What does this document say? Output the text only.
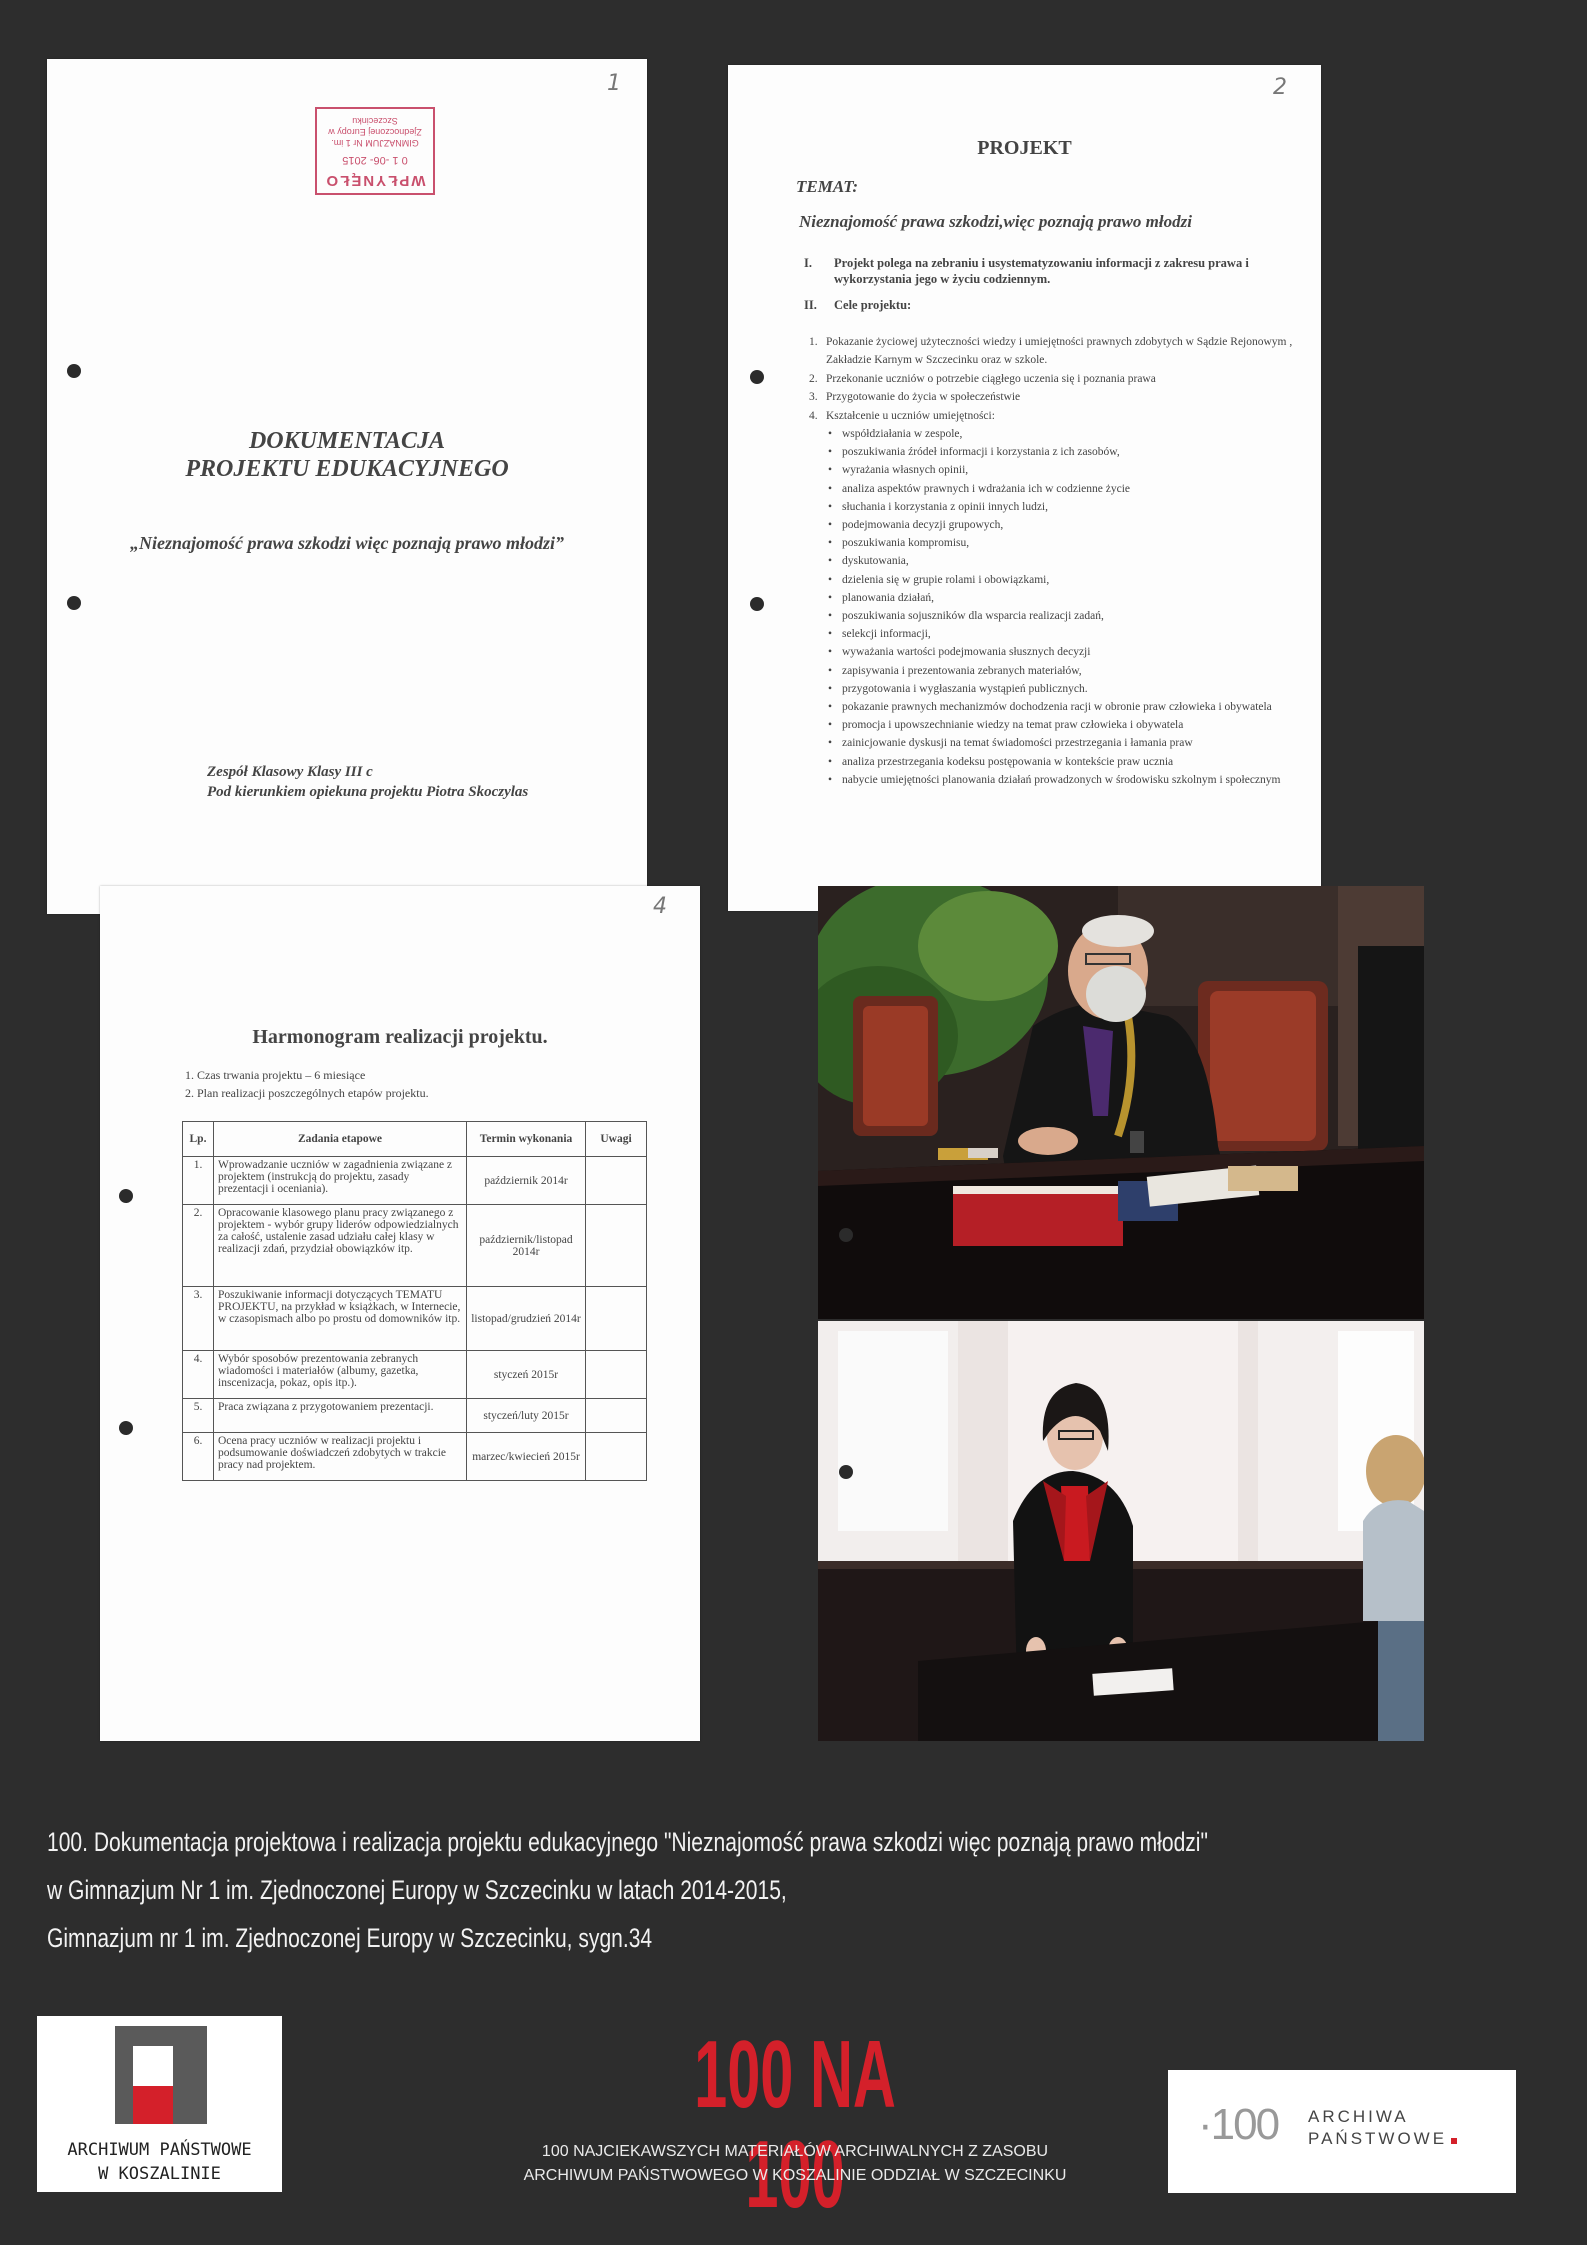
1
WPŁYNĘŁO
0 1 -06- 2015
GIMNAZJUM Nr 1 im. Zjednoczonej Europy w Szczecinku
DOKUMENTACJA
PROJEKTU EDUKACYJNEGO
„Nieznajomość prawa szkodzi więc poznają prawo młodzi”
Zespół Klasowy Klasy III c
Pod kierunkiem opiekuna projektu Piotra Skoczylas
2
PROJEKT
TEMAT:
Nieznajomość prawa szkodzi,więc poznają prawo młodzi
I. Projekt polega na zebraniu i usystematyzowaniu informacji z zakresu prawa i wykorzystania jego w życiu codziennym.
II. Cele projektu:
1. Pokazanie życiowej użyteczności wiedzy i umiejętności prawnych zdobytych w Sądzie Rejonowym , Zakładzie Karnym w Szczecinku oraz w szkole.
2. Przekonanie uczniów o potrzebie ciągłego uczenia się i poznania prawa
3. Przygotowanie do życia w społeczeństwie
4. Kształcenie u uczniów umiejętności:
• współdziałania w zespole,
• poszukiwania źródeł informacji i korzystania z ich zasobów,
• wyrażania własnych opinii,
• analiza aspektów prawnych i wdrażania ich w codzienne życie
• słuchania i korzystania z opinii innych ludzi,
• podejmowania decyzji grupowych,
• poszukiwania kompromisu,
• dyskutowania,
• dzielenia się w grupie rolami i obowiązkami,
• planowania działań,
• poszukiwania sojuszników dla wsparcia realizacji zadań,
• selekcji informacji,
• wyważania wartości podejmowania słusznych decyzji
• zapisywania i prezentowania zebranych materiałów,
• przygotowania i wygłaszania wystąpień publicznych.
• pokazanie prawnych mechanizmów dochodzenia racji w obronie praw człowieka i obywatela
• promocja i upowszechnianie wiedzy na temat praw człowieka i obywatela
• zainicjowanie dyskusji na temat świadomości przestrzegania i łamania praw
• analiza przestrzegania kodeksu postępowania w kontekście praw ucznia
• nabycie umiejętności planowania działań prowadzonych w środowisku szkolnym i społecznym
4
Harmonogram realizacji projektu.
1. Czas trwania projektu – 6 miesiące
2. Plan realizacji poszczególnych etapów projektu.
Lp.	Zadania etapowe	Termin wykonania	Uwagi
1.	Wprowadzanie uczniów w zagadnienia związane z projektem (instrukcją do projektu, zasady prezentacji i oceniania).	październik 2014r	
2.	Opracowanie klasowego planu pracy związanego z projektem - wybór grupy liderów odpowiedzialnych za całość, ustalenie zasad udziału całej klasy w realizacji zdań, przydział obowiązków itp.	październik/listopad 2014r	
3.	Poszukiwanie informacji dotyczących TEMATU PROJEKTU, na przykład w książkach, w Internecie, w czasopismach albo po prostu od domowników itp.	listopad/grudzień 2014r	
4.	Wybór sposobów prezentowania zebranych wiadomości i materiałów (albumy, gazetka, inscenizacja, pokaz, opis itp.).	styczeń 2015r	
5.	Praca związana z przygotowaniem prezentacji.	styczeń/luty 2015r	
6.	Ocena pracy uczniów w realizacji projektu i podsumowanie doświadczeń zdobytych w trakcie pracy nad projektem.	marzec/kwiecień 2015r	
100. Dokumentacja projektowa i realizacja projektu edukacyjnego "Nieznajomość prawa szkodzi więc poznają prawo młodzi"
w Gimnazjum Nr 1 im. Zjednoczonej Europy w Szczecinku w latach 2014-2015,
Gimnazjum nr 1 im. Zjednoczonej Europy w Szczecinku, sygn.34
ARCHIWUM PAŃSTWOWE
W KOSZALINIE
100 NA 100
100 NAJCIEKAWSZYCH MATERIAŁÓW ARCHIWALNYCH Z ZASOBU
ARCHIWUM PAŃSTWOWEGO W KOSZALINIE ODDZIAŁ W SZCZECINKU
·100 ARCHIWA
PAŃSTWOWE
